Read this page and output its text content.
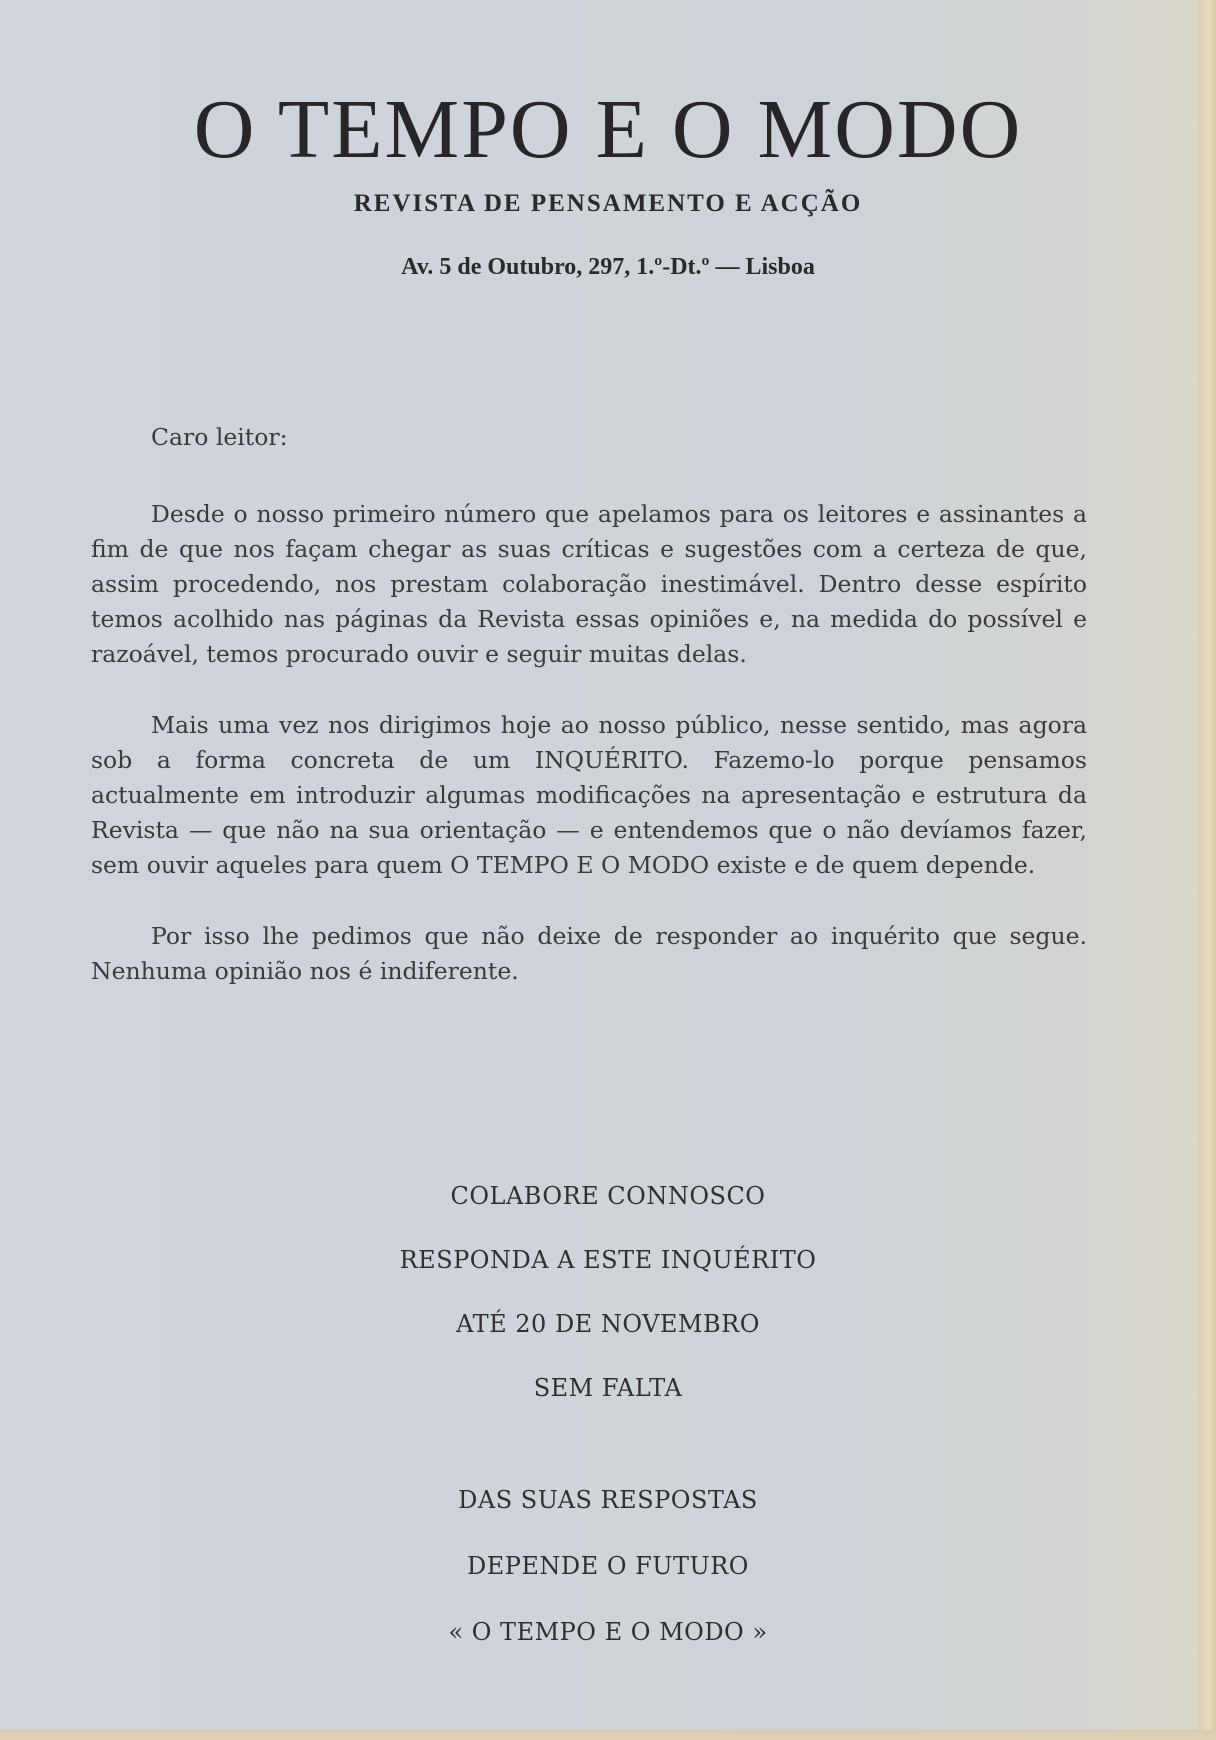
O TEMPO E O MODO
REVISTA DE PENSAMENTO E ACÇÃO
Av. 5 de Outubro, 297, 1.º-Dt.º — Lisboa

Caro leitor:

Desde o nosso primeiro número que apelamos para os leitores e assinantes a fim de que nos façam chegar as suas críticas e sugestões com a certeza de que, assim procedendo, nos prestam colaboração inestimável. Dentro desse espírito temos acolhido nas páginas da Revista essas opiniões e, na medida do possível e razoável, temos procurado ouvir e seguir muitas delas.

Mais uma vez nos dirigimos hoje ao nosso público, nesse sentido, mas agora sob a forma concreta de um INQUÉRITO. Fazemo-lo porque pensamos actualmente em introduzir algumas modificações na apresentação e estrutura da Revista — que não na sua orientação — e entendemos que o não devíamos fazer, sem ouvir aqueles para quem O TEMPO E O MODO existe e de quem depende.

Por isso lhe pedimos que não deixe de responder ao inquérito que segue. Nenhuma opinião nos é indiferente.

COLABORE CONNOSCO
RESPONDA A ESTE INQUÉRITO
ATÉ 20 DE NOVEMBRO
SEM FALTA
DAS SUAS RESPOSTAS
DEPENDE O FUTURO
« O TEMPO E O MODO »
